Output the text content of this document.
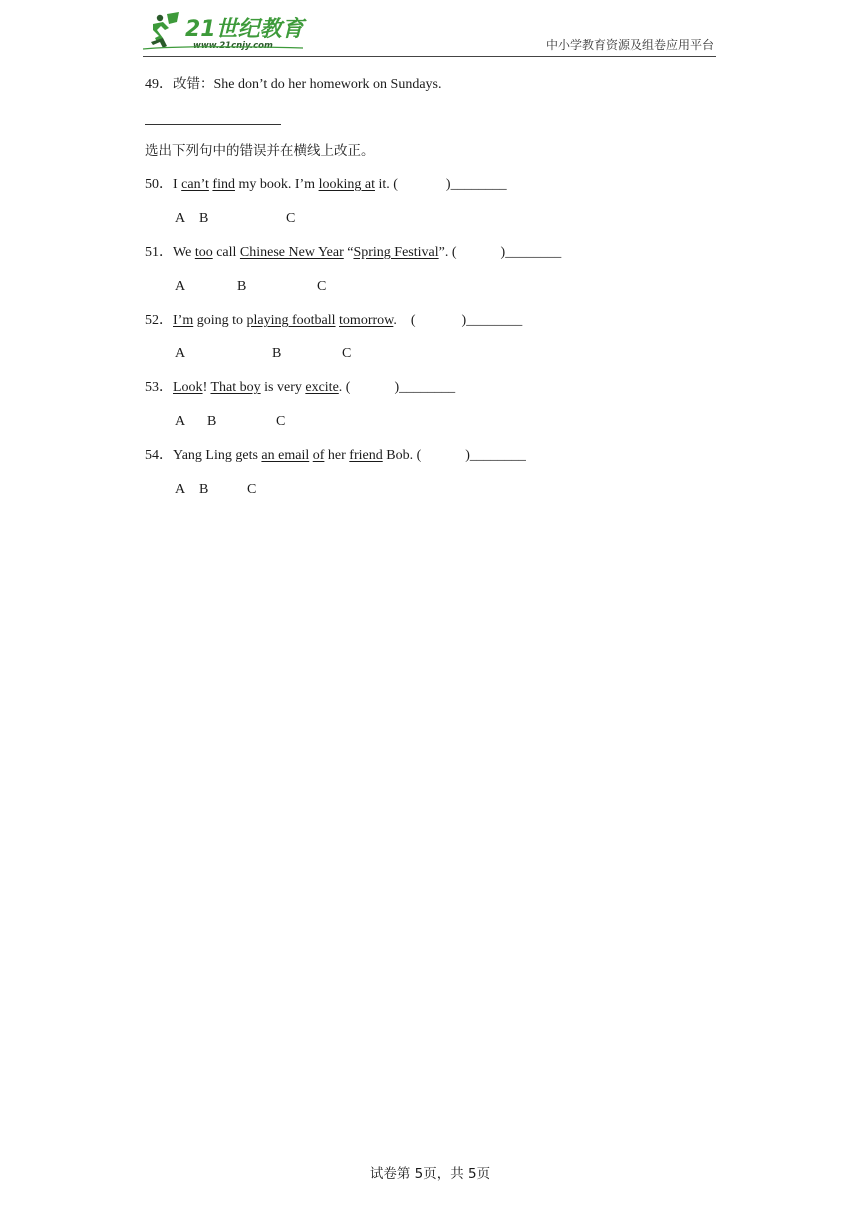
21世纪教育
www.21cnjy.com	中小学教育资源及组卷应用平台
49．改错：She don’t do her homework on Sundays.
选出下列句中的错误并在横线上改正。
50．I can’t find my book. I’m looking at it. (	)________
A B	C
51．We too call Chinese New Year “Spring Festival”. (	)________
A	B	C
52．I’m going to playing football tomorrow.    (	)________
A	B	C
53．Look! That boy is very excite. (	)________
A B	C
54．Yang Ling gets an email of her friend Bob. (	)________
A B	C
试卷第 5页，共 5页
